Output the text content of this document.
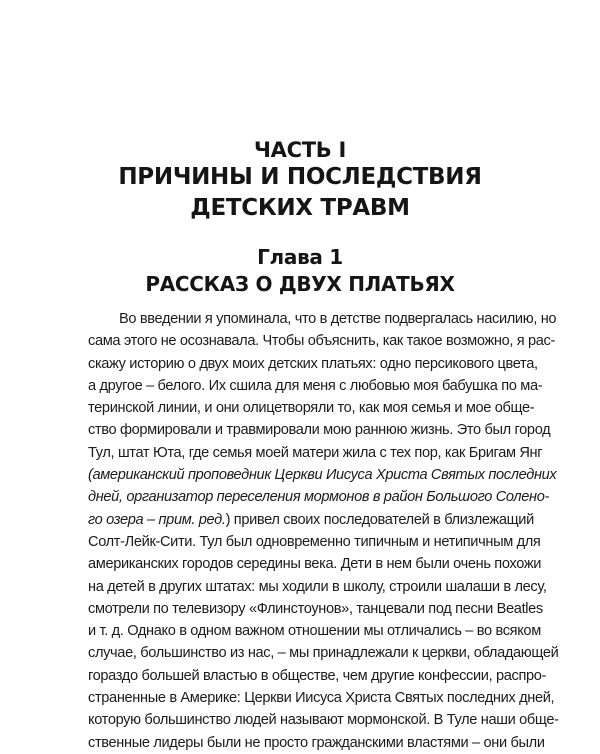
ЧАСТЬ I
ПРИЧИНЫ И ПОСЛЕДСТВИЯ
ДЕТСКИХ ТРАВМ
Глава 1
РАССКАЗ О ДВУХ ПЛАТЬЯХ
Во введении я упоминала, что в детстве подвергалась насилию, но
сама этого не осознавала. Чтобы объяснить, как такое возможно, я рас-
скажу историю о двух моих детских платьях: одно персикового цвета,
а другое – белого. Их сшила для меня с любовью моя бабушка по ма-
теринской линии, и они олицетворяли то, как моя семья и мое обще-
ство формировали и травмировали мою раннюю жизнь. Это был город
Тул, штат Юта, где семья моей матери жила с тех пор, как Бригам Янг
(американский проповедник Церкви Иисуса Христа Святых последних
дней, организатор переселения мормонов в район Большого Солено-
го озера – прим. ред.) привел своих последователей в близлежащий
Солт-Лейк-Сити. Тул был одновременно типичным и нетипичным для
американских городов середины века. Дети в нем были очень похожи
на детей в других штатах: мы ходили в школу, строили шалаши в лесу,
смотрели по телевизору «Флинстоунов», танцевали под песни Beatles
и т. д. Однако в одном важном отношении мы отличались – во всяком
случае, большинство из нас, – мы принадлежали к церкви, обладающей
гораздо большей властью в обществе, чем другие конфессии, распро-
страненные в Америке: Церкви Иисуса Христа Святых последних дней,
которую большинство людей называют мормонской. В Туле наши обще-
ственные лидеры были не просто гражданскими властями – они были
